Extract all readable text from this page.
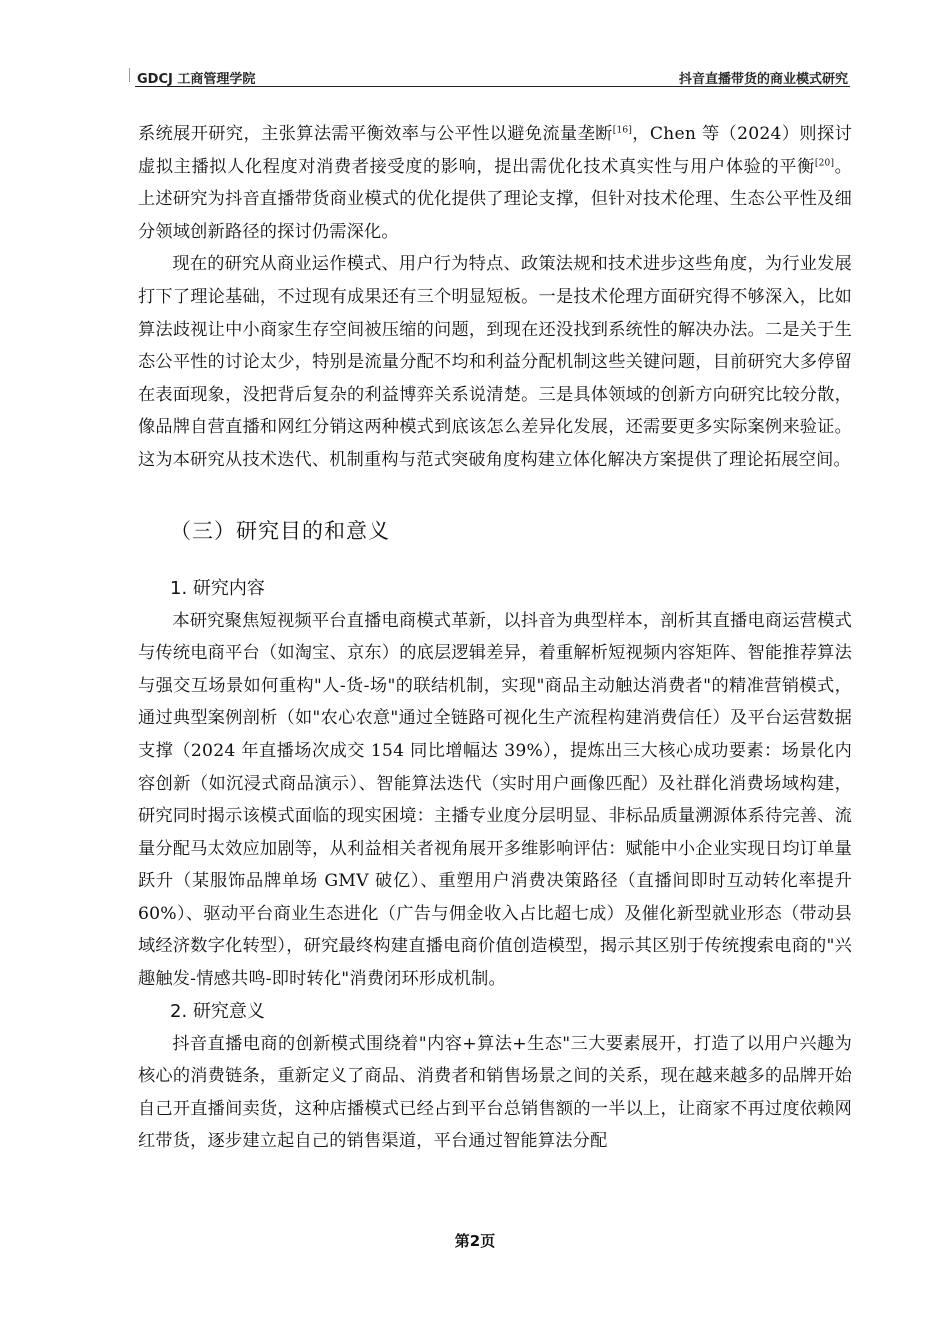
GDCJ 工商管理学院	抖音直播带货的商业模式研究

系统展开研究，主张算法需平衡效率与公平性以避免流量垄断[16]，Chen 等（2024）则探讨虚拟主播拟人化程度对消费者接受度的影响，提出需优化技术真实性与用户体验的平衡[20]。上述研究为抖音直播带货商业模式的优化提供了理论支撑，但针对技术伦理、生态公平性及细分领域创新路径的探讨仍需深化。

现在的研究从商业运作模式、用户行为特点、政策法规和技术进步这些角度，为行业发展打下了理论基础，不过现有成果还有三个明显短板。一是技术伦理方面研究得不够深入，比如算法歧视让中小商家生存空间被压缩的问题，到现在还没找到系统性的解决办法。二是关于生态公平性的讨论太少，特别是流量分配不均和利益分配机制这些关键问题，目前研究大多停留在表面现象，没把背后复杂的利益博弈关系说清楚。三是具体领域的创新方向研究比较分散，像品牌自营直播和网红分销这两种模式到底该怎么差异化发展，还需要更多实际案例来验证。这为本研究从技术迭代、机制重构与范式突破角度构建立体化解决方案提供了理论拓展空间。

（三）研究目的和意义
1. 研究内容

本研究聚焦短视频平台直播电商模式革新，以抖音为典型样本，剖析其直播电商运营模式与传统电商平台（如淘宝、京东）的底层逻辑差异，着重解析短视频内容矩阵、智能推荐算法与强交互场景如何重构"人-货-场"的联结机制，实现"商品主动触达消费者"的精准营销模式，通过典型案例剖析（如"农心农意"通过全链路可视化生产流程构建消费信任）及平台运营数据支撑（2024 年直播场次成交 154 同比增幅达 39%），提炼出三大核心成功要素：场景化内容创新（如沉浸式商品演示）、智能算法迭代（实时用户画像匹配）及社群化消费场域构建，研究同时揭示该模式面临的现实困境：主播专业度分层明显、非标品质量溯源体系待完善、流量分配马太效应加剧等，从利益相关者视角展开多维影响评估：赋能中小企业实现日均订单量跃升（某服饰品牌单场 GMV 破亿）、重塑用户消费决策路径（直播间即时互动转化率提升 60%）、驱动平台商业生态进化（广告与佣金收入占比超七成）及催化新型就业形态（带动县域经济数字化转型），研究最终构建直播电商价值创造模型，揭示其区别于传统搜索电商的"兴趣触发-情感共鸣-即时转化"消费闭环形成机制。

2. 研究意义

抖音直播电商的创新模式围绕着"内容+算法+生态"三大要素展开，打造了以用户兴趣为核心的消费链条，重新定义了商品、消费者和销售场景之间的关系，现在越来越多的品牌开始自己开直播间卖货，这种店播模式已经占到平台总销售额的一半以上，让商家不再过度依赖网红带货，逐步建立起自己的销售渠道，平台通过智能算法分配

第2页
